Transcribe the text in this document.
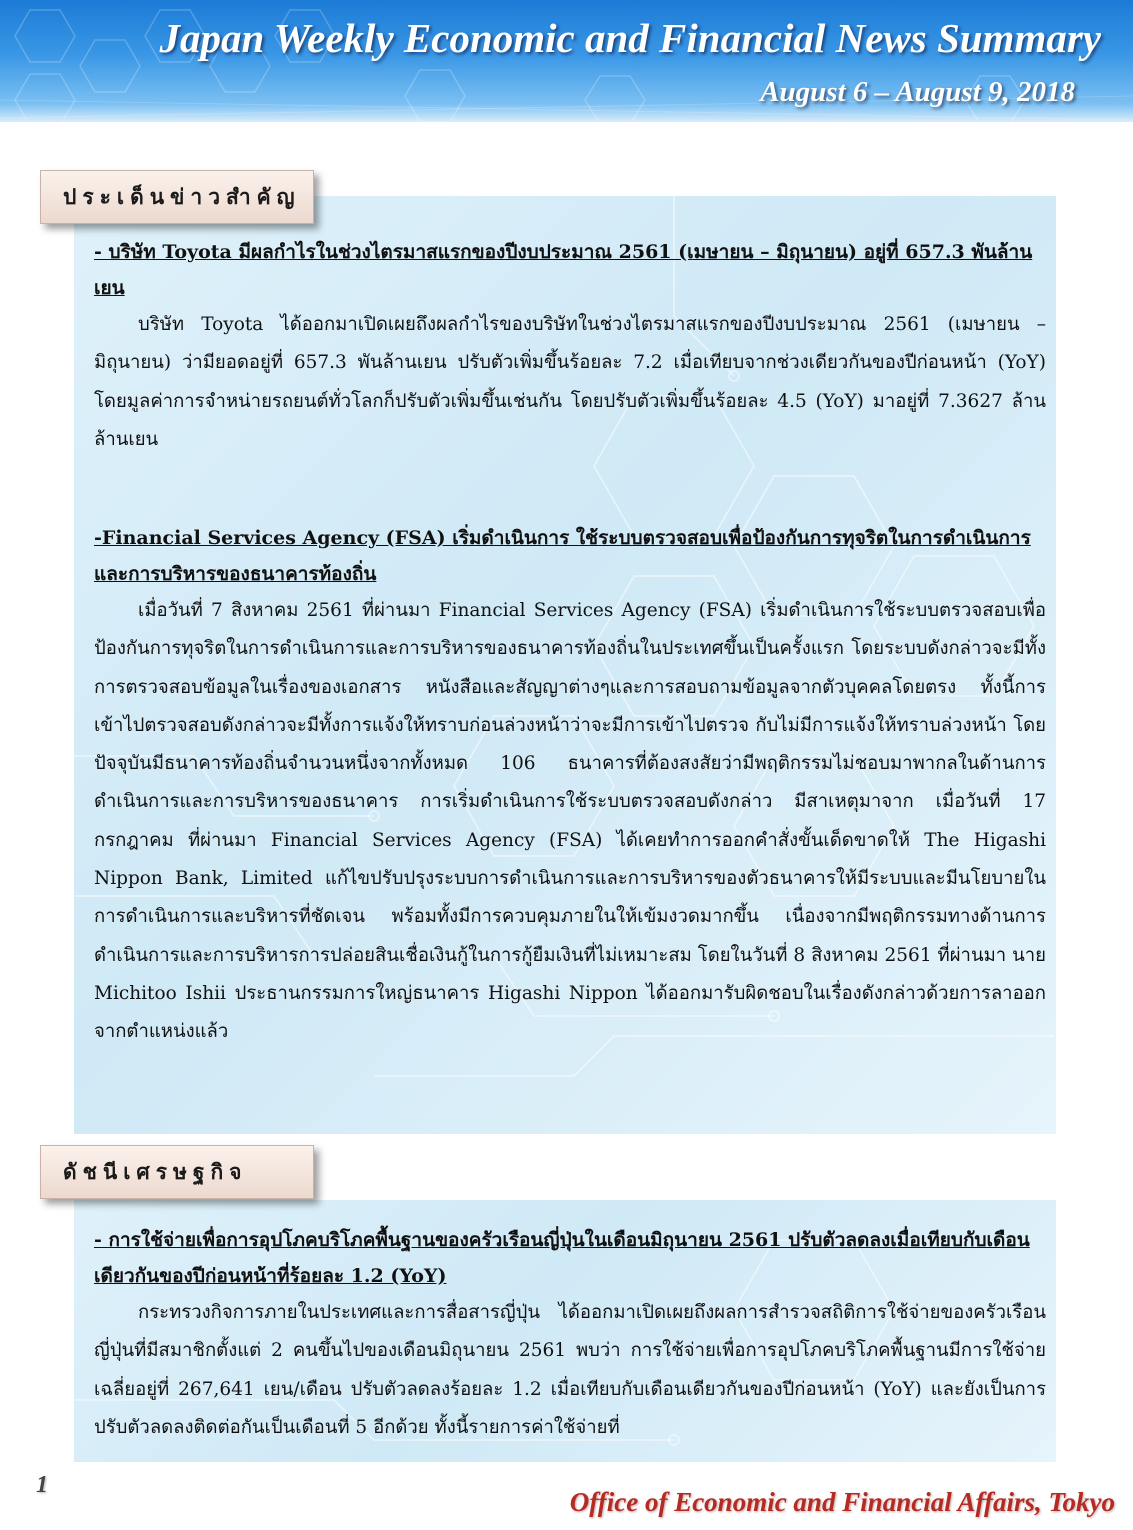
Japan Weekly Economic and Financial News Summary
August 6 – August 9, 2018
ประเด็นข่าวสำคัญ

- บริษัท Toyota มีผลกำไรในช่วงไตรมาสแรกของปีงบประมาณ 2561 (เมษายน – มิถุนายน) อยู่ที่ 657.3 พันล้านเยน

บริษัท Toyota ได้ออกมาเปิดเผยถึงผลกำไรของบริษัทในช่วงไตรมาสแรกของปีงบประมาณ 2561 (เมษายน – มิถุนายน) ว่ามียอดอยู่ที่ 657.3 พันล้านเยน ปรับตัวเพิ่มขึ้นร้อยละ 7.2 เมื่อเทียบจากช่วงเดียวกันของปีก่อนหน้า (YoY) โดยมูลค่าการจำหน่ายรถยนต์ทั่วโลกก็ปรับตัวเพิ่มขึ้นเช่นกัน โดยปรับตัวเพิ่มขึ้นร้อยละ 4.5 (YoY) มาอยู่ที่ 7.3627 ล้านล้านเยน

-Financial Services Agency (FSA) เริ่มดำเนินการ ใช้ระบบตรวจสอบเพื่อป้องกันการทุจริตในการดำเนินการและการบริหารของธนาคารท้องถิ่น

เมื่อวันที่ 7 สิงหาคม 2561 ที่ผ่านมา Financial Services Agency (FSA) เริ่มดำเนินการใช้ระบบตรวจสอบเพื่อป้องกันการทุจริตในการดำเนินการและการบริหารของธนาคารท้องถิ่นในประเทศขึ้นเป็นครั้งแรก โดยระบบดังกล่าวจะมีทั้งการตรวจสอบข้อมูลในเรื่องของเอกสาร หนังสือและสัญญาต่างๆและการสอบถามข้อมูลจากตัวบุคคลโดยตรง ทั้งนี้การเข้าไปตรวจสอบดังกล่าวจะมีทั้งการแจ้งให้ทราบก่อนล่วงหน้าว่าจะมีการเข้าไปตรวจ กับไม่มีการแจ้งให้ทราบล่วงหน้า โดยปัจจุบันมีธนาคารท้องถิ่นจำนวนหนึ่งจากทั้งหมด 106 ธนาคารที่ต้องสงสัยว่ามีพฤติกรรมไม่ชอบมาพากลในด้านการดำเนินการและการบริหารของธนาคาร การเริ่มดำเนินการใช้ระบบตรวจสอบดังกล่าว มีสาเหตุมาจาก เมื่อวันที่ 17 กรกฎาคม ที่ผ่านมา Financial Services Agency (FSA) ได้เคยทำการออกคำสั่งขั้นเด็ดขาดให้ The Higashi Nippon Bank, Limited แก้ไขปรับปรุงระบบการดำเนินการและการบริหารของตัวธนาคารให้มีระบบและมีนโยบายในการดำเนินการและบริหารที่ชัดเจน พร้อมทั้งมีการควบคุมภายในให้เข้มงวดมากขึ้น เนื่องจากมีพฤติกรรมทางด้านการดำเนินการและการบริหารการปล่อยสินเชื่อเงินกู้ในการกู้ยืมเงินที่ไม่เหมาะสม โดยในวันที่ 8 สิงหาคม 2561 ที่ผ่านมา นาย Michitoo Ishii ประธานกรรมการใหญ่ธนาคาร Higashi Nippon ได้ออกมารับผิดชอบในเรื่องดังกล่าวด้วยการลาออกจากตำแหน่งแล้ว

ดัชนีเศรษฐกิจ

- การใช้จ่ายเพื่อการอุปโภคบริโภคพื้นฐานของครัวเรือนญี่ปุ่นในเดือนมิถุนายน 2561 ปรับตัวลดลงเมื่อเทียบกับเดือนเดียวกันของปีก่อนหน้าที่ร้อยละ 1.2 (YoY)

กระทรวงกิจการภายในประเทศและการสื่อสารญี่ปุ่น ได้ออกมาเปิดเผยถึงผลการสำรวจสถิติการใช้จ่ายของครัวเรือนญี่ปุ่นที่มีสมาชิกตั้งแต่ 2 คนขึ้นไปของเดือนมิถุนายน 2561 พบว่า การใช้จ่ายเพื่อการอุปโภคบริโภคพื้นฐานมีการใช้จ่ายเฉลี่ยอยู่ที่ 267,641 เยน/เดือน ปรับตัวลดลงร้อยละ 1.2 เมื่อเทียบกับเดือนเดียวกันของปีก่อนหน้า (YoY) และยังเป็นการปรับตัวลดลงติดต่อกันเป็นเดือนที่ 5 อีกด้วย ทั้งนี้รายการค่าใช้จ่ายที่

1
Office of Economic and Financial Affairs, Tokyo
